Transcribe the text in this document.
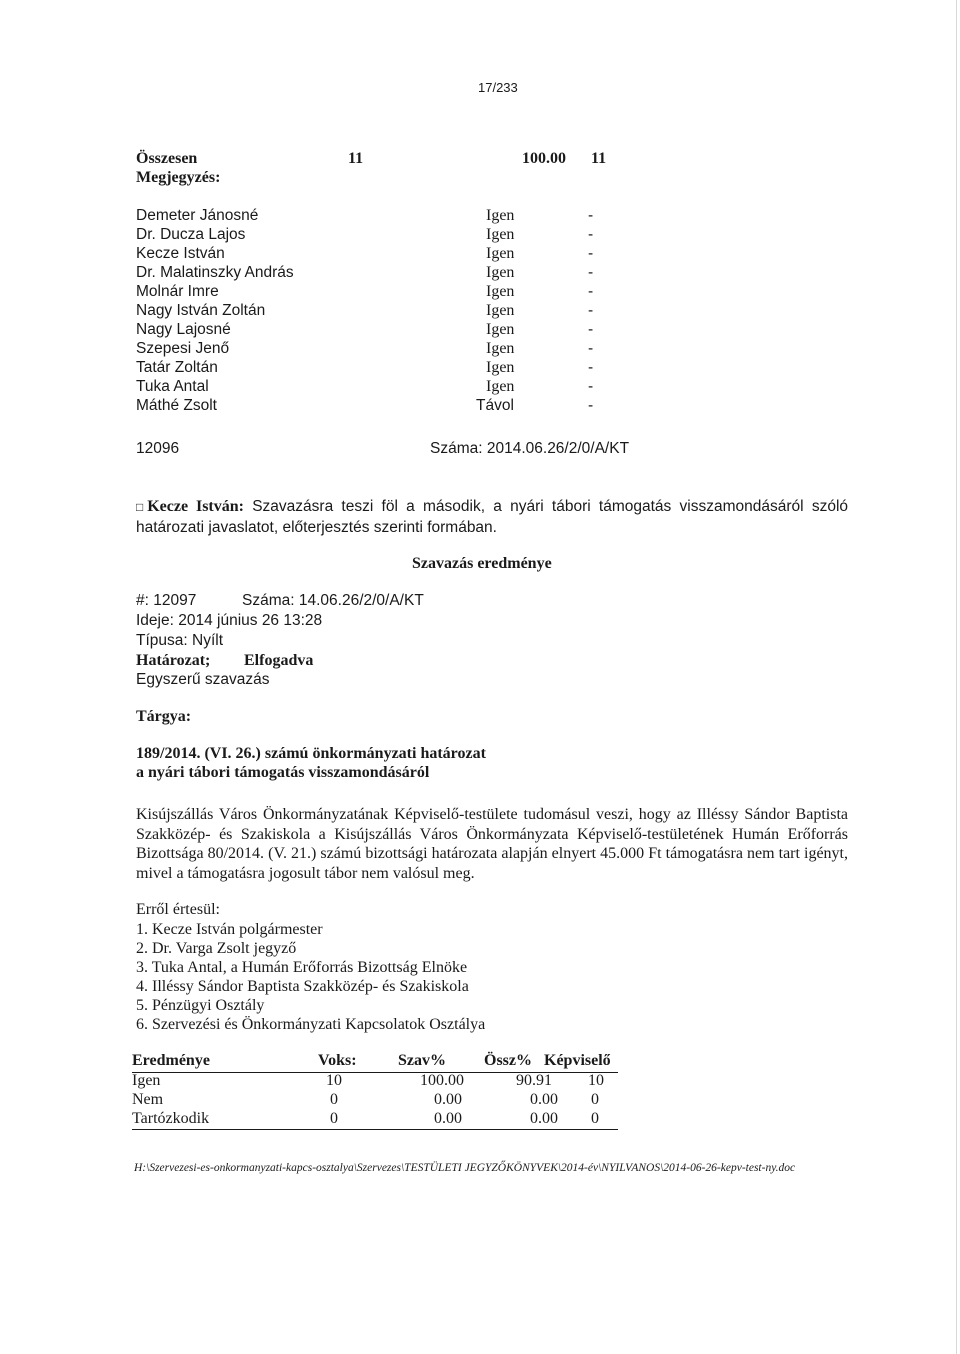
17/233
Összesen	11	100.00 11
Megjegyzés:
Demeter Jánosné	Igen	-
Dr. Ducza Lajos	Igen	-
Kecze István	Igen	-
Dr. Malatinszky András	Igen	-
Molnár Imre	Igen	-
Nagy István Zoltán	Igen	-
Nagy Lajosné	Igen	-
Szepesi Jenő	Igen	-
Tatár Zoltán	Igen	-
Tuka Antal	Igen	-
Máthé Zsolt	Távol	-
12096	Száma: 2014.06.26/2/0/A/KT
□Kecze István: Szavazásra teszi föl a második, a nyári tábori támogatás visszamondásáról szóló határozati javaslatot, előterjesztés szerinti formában.
Szavazás eredménye
#: 12097	Száma: 14.06.26/2/0/A/KT
Ideje: 2014 június 26 13:28
Típusa: Nyílt
Határozat; Elfogadva
Egyszerű szavazás
Tárgya:
189/2014. (VI. 26.) számú önkormányzati határozat
a nyári tábori támogatás visszamondásáról
Kisújszállás Város Önkormányzatának Képviselő-testülete tudomásul veszi, hogy az Illéssy Sándor Baptista Szakközép- és Szakiskola a Kisújszállás Város Önkormányzata Képviselő-testületének Humán Erőforrás Bizottsága 80/2014. (V. 21.) számú bizottsági határozata alapján elnyert 45.000 Ft támogatásra nem tart igényt, mivel a támogatásra jogosult tábor nem valósul meg.
Erről értesül:
1. Kecze István polgármester
2. Dr. Varga Zsolt jegyző
3. Tuka Antal, a Humán Erőforrás Bizottság Elnöke
4. Illéssy Sándor Baptista Szakközép- és Szakiskola
5. Pénzügyi Osztály
6. Szervezési és Önkormányzati Kapcsolatok Osztálya
Eredménye	Voks:	Szav% Össz% Képviselő
Igen	10	100.00	90.91 10
Nem	0	0.00	0.00 0
Tartózkodik	0	0.00	0.00 0
H:\Szervezesi-es-onkormanyzati-kapcs-osztalya\Szervezes\TESTÜLETI JEGYZŐKÖNYVEK\2014-év\NYILVANOS\2014-06-26-kepv-test-ny.doc
